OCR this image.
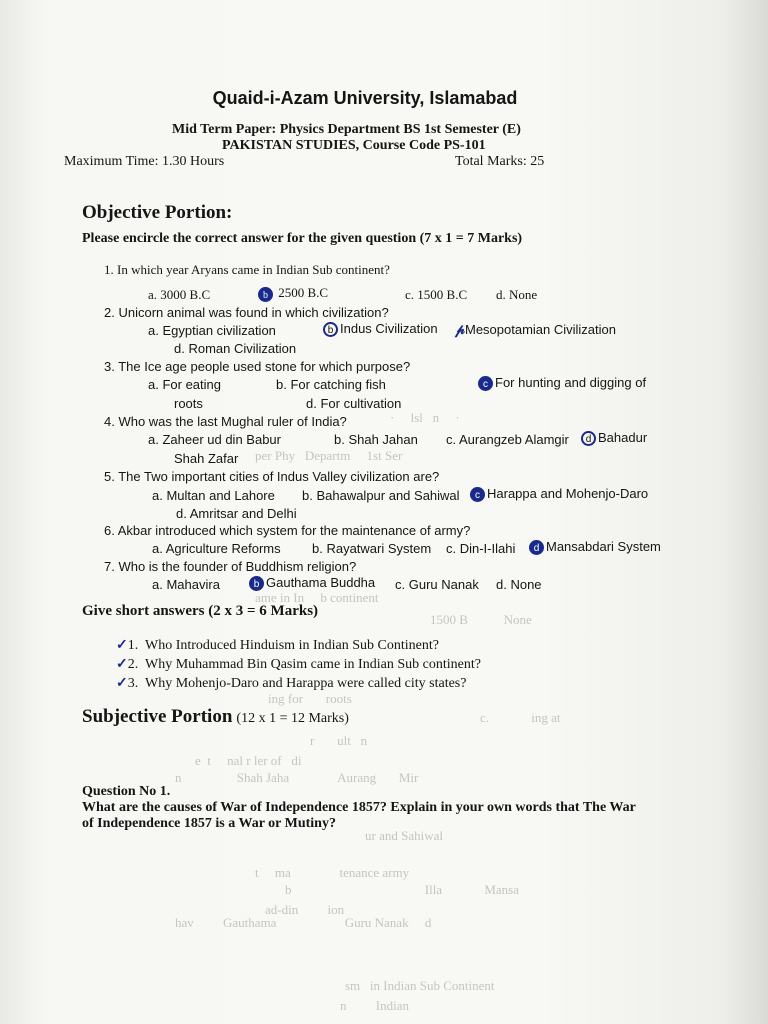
·     lsl   n     ·
per Phy   Departm     1st Ser
ame in In     b continent
1500 B           None
ing for       roots
c.             ing at
r       ult   n
e  t     nal r ler of   di
n                 Shah Jaha               Aurang       Mir
ur and Sahiwal
t     ma               tenance army
b                                         Illa             Mansa
ad-din         ion
hav         Gauthama                     Guru Nanak     d
sm   in Indian Sub Continent
n         Indian
Quaid-i-Azam University, Islamabad
Mid Term Paper: Physics Department BS 1st Semester (E)
PAKISTAN STUDIES, Course Code PS-101
Maximum Time: 1.30 Hours	Total Marks: 25
Objective Portion:
Please encircle the correct answer for the given question (7 x 1 = 7 Marks)
1. In which year Aryans came in Indian Sub continent?
a. 3000 B.C	b 2500 B.C	c. 1500 B.C d. None
2. Unicorn animal was found in which civilization?
a. Egyptian civilization	b Indus Civilization 𝓅Mesopotamian Civilization
d. Roman Civilization
3. The Ice age people used stone for which purpose?
a. For eating	b. For catching fish	c For hunting and digging of
roots	d. For cultivation
4. Who was the last Mughal ruler of India?
a. Zaheer ud din Babur	b. Shah Jahan c. Aurangzeb Alamgir	d Bahadur
Shah Zafar
5. The Two important cities of Indus Valley civilization are?
a. Multan and Lahore b. Bahawalpur and Sahiwal	c Harappa and Mohenjo-Daro
d. Amritsar and Delhi
6. Akbar introduced which system for the maintenance of army?
a. Agriculture Reforms b. Rayatwari System c. Din-I-Ilahi	d Mansabdari System
7. Who is the founder of Buddhism religion?
a. Mahavira	b Gauthama Buddha c. Guru Nanak d. None
Give short answers (2 x 3 = 6 Marks)
✓1. Who Introduced Hinduism in Indian Sub Continent?
✓2. Why Muhammad Bin Qasim came in Indian Sub continent?
✓3. Why Mohenjo-Daro and Harappa were called city states?
Subjective Portion (12 x 1 = 12 Marks)
Question No 1.
What are the causes of War of Independence 1857? Explain in your own words that The War
of Independence 1857 is a War or Mutiny?
